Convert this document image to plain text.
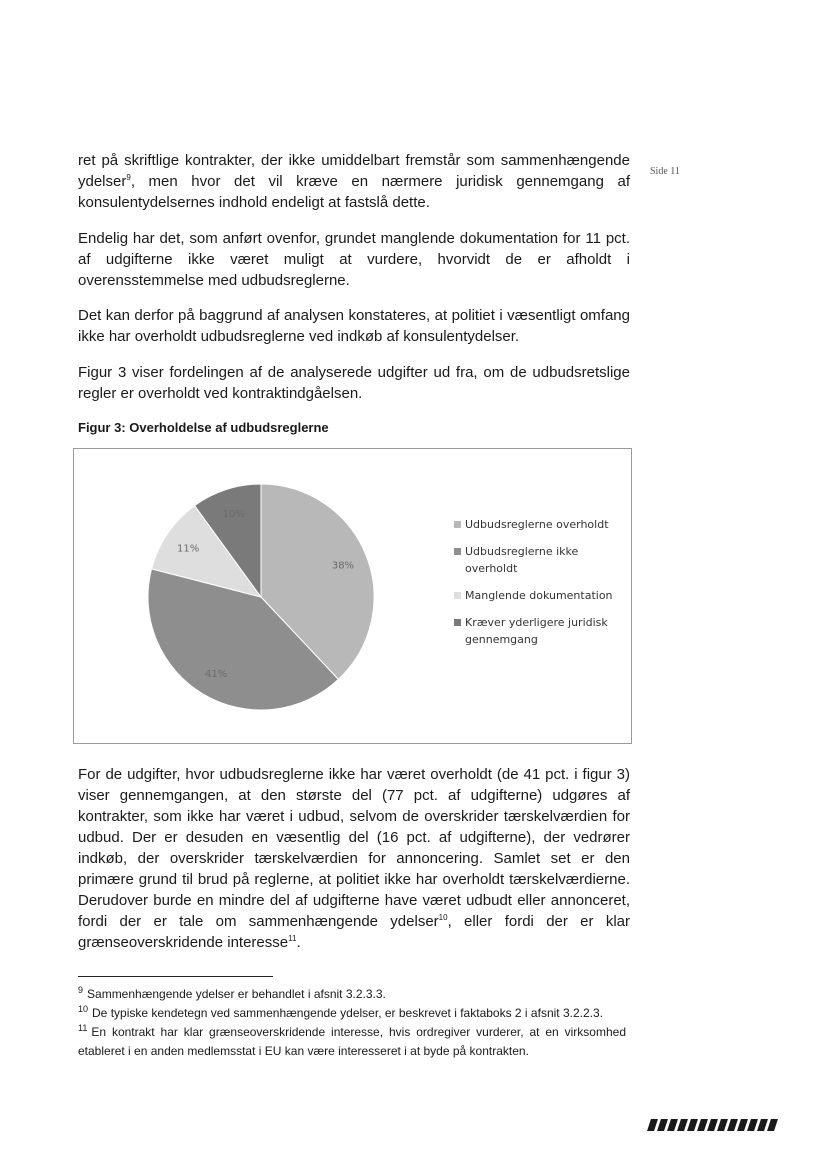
Side 11

ret på skriftlige kontrakter, der ikke umiddelbart fremstår som sammenhængende ydelser$^9$, men hvor det vil kræve en nærmere juridisk gennemgang af konsulentydelsernes indhold endeligt at fastslå dette.

Endelig har det, som anført ovenfor, grundet manglende dokumentation for 11 pct. af udgifterne ikke været muligt at vurdere, hvorvidt de er afholdt i overensstemmelse med udbudsreglerne.

Det kan derfor på baggrund af analysen konstateres, at politiet i væsentligt omfang ikke har overholdt udbudsreglerne ved indkøb af konsulentydelser.

Figur 3 viser fordelingen af de analyserede udgifter ud fra, om de udbudsretslige regler er overholdt ved kontraktindgåelsen.

Figur 3: Overholdelse af udbudsreglerne

38%
41%
11%
10%
Udbudsreglerne overholdt
Udbudsreglerne ikke overholdt
Manglende dokumentation
Kræver yderligere juridisk gennemgang

For de udgifter, hvor udbudsreglerne ikke har været overholdt (de 41 pct. i figur 3) viser gennemgangen, at den største del (77 pct. af udgifterne) udgøres af kontrakter, som ikke har været i udbud, selvom de overskrider tærskelværdien for udbud. Der er desuden en væsentlig del (16 pct. af udgifterne), der vedrører indkøb, der overskrider tærskelværdien for annoncering. Samlet set er den primære grund til brud på reglerne, at politiet ikke har overholdt tærskelværdierne. Derudover burde en mindre del af udgifterne have været udbudt eller annonceret, fordi der er tale om sammenhængende ydelser$^{10}$, eller fordi der er klar grænseoverskridende interesse$^{11}$.

$^9$ Sammenhængende ydelser er behandlet i afsnit 3.2.3.3.

$^{10}$ De typiske kendetegn ved sammenhængende ydelser, er beskrevet i faktaboks 2 i afsnit 3.2.2.3.

$^{11}$ En kontrakt har klar grænseoverskridende interesse, hvis ordregiver vurderer, at en virksomhed etableret i en anden medlemsstat i EU kan være interesseret i at byde på kontrakten.
